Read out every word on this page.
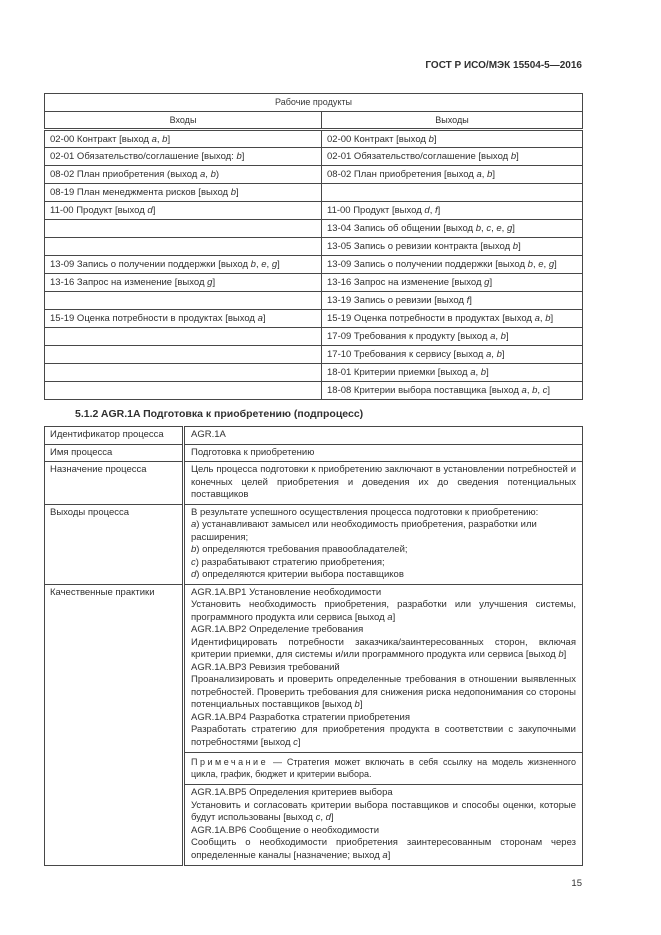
ГОСТ Р ИСО/МЭК 15504-5—2016
Рабочие продукты	
Входы	Выходы
02-00 Контракт [выход a, b]	02-00 Контракт [выход b]
02-01 Обязательство/соглашение [выход: b]	02-01 Обязательство/соглашение [выход b]
08-02 План приобретения (выход a, b)	08-02 План приобретения [выход a, b]
08-19 План менеджмента рисков [выход b]	
11-00 Продукт [выход d]	11-00 Продукт [выход d, f]
	13-04 Запись об общении [выход b, c, e, g]
	13-05 Запись о ревизии контракта [выход b]
13-09 Запись о получении поддержки [выход b, e, g]	13-09 Запись о получении поддержки [выход b, e, g]
13-16 Запрос на изменение [выход g]	13-16 Запрос на изменение [выход g]
	13-19 Запись о ревизии [выход f]
15-19 Оценка потребности в продуктах [выход a]	15-19 Оценка потребности в продуктах [выход a, b]
	17-09 Требования к продукту [выход a, b]
	17-10 Требования к сервису [выход a, b]
	18-01 Критерии приемки [выход a, b]
	18-08 Критерии выбора поставщика [выход a, b, c]
5.1.2 AGR.1A Подготовка к приобретению (подпроцесс)
Идентификатор процесса	AGR.1A

Имя процесса	Подготовка к приобретению

Назначение процесса	Цель процесса подготовки к приобретению заключают в установлении потребностей и конечных целей приобретения и доведения их до сведения потенциальных поставщиков

Выходы процесса	В результате успешного осуществления процесса подготовки к приобретению:
a) устанавливают замысел или необходимость приобретения, разработки или расширения;
b) определяются требования правообладателей;
c) разрабатывают стратегию приобретения;
d) определяются критерии выбора поставщиков

Качественные практики	AGR.1A.BP1 Установление необходимости
Установить необходимость приобретения, разработки или улучшения системы, программного продукта или сервиса [выход a]
AGR.1A.BP2 Определение требования
Идентифицировать потребности заказчика/заинтересованных сторон, включая критерии приемки, для системы и/или программного продукта или сервиса [выход b]
AGR.1A.BP3 Ревизия требований
Проанализировать и проверить определенные требования в отношении выявленных потребностей. Проверить требования для снижения риска недопонимания со стороны потенциальных поставщиков [выход b]
AGR.1A.BP4 Разработка стратегии приобретения
Разработать стратегию для приобретения продукта в соответствии с закупочными потребностями [выход c]
Примечание — Стратегия может включать в себя ссылку на модель жизненного цикла, график, бюджет и критерии выбора.
AGR.1A.BP5 Определения критериев выбора
Установить и согласовать критерии выбора поставщиков и способы оценки, которые будут использованы [выход c, d]
AGR.1A.BP6 Сообщение о необходимости
Сообщить о необходимости приобретения заинтересованным сторонам через определенные каналы [назначение; выход a]
15
